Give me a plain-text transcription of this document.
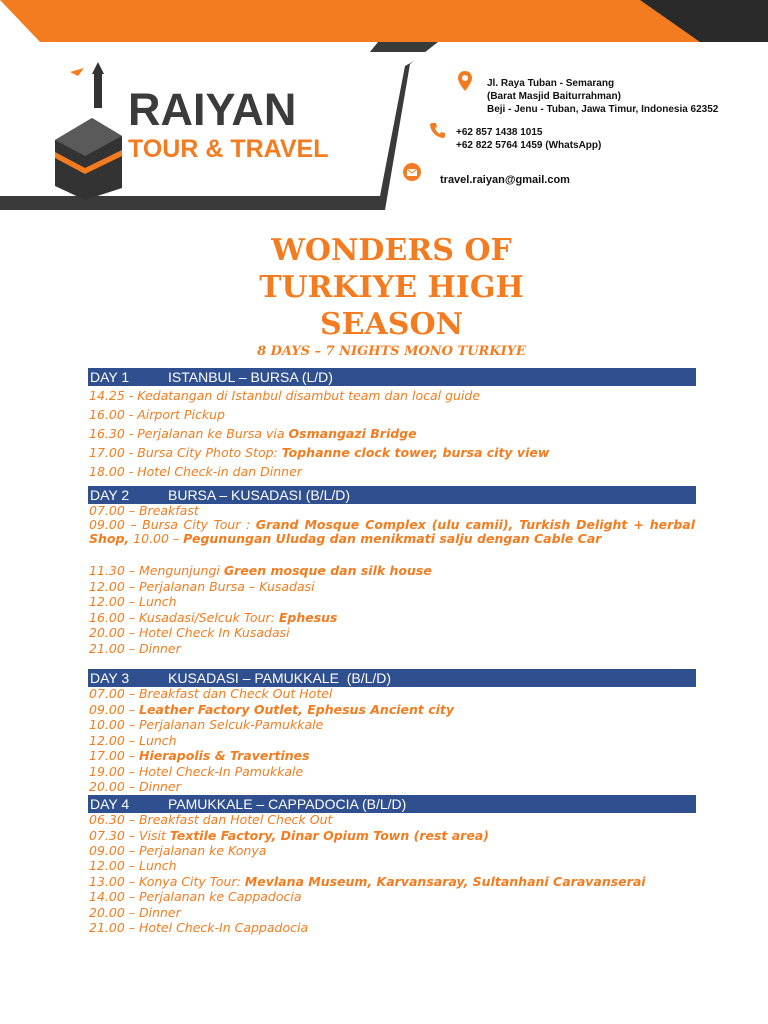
RAIYAN
TOUR & TRAVEL
Jl. Raya Tuban - Semarang
(Barat Masjid Baiturrahman)
Beji - Jenu - Tuban, Jawa Timur, Indonesia 62352
+62 857 1438 1015
+62 822 5764 1459 (WhatsApp)
travel.raiyan@gmail.com
WONDERS OF
TURKIYE HIGH
SEASON
8 DAYS – 7 NIGHTS MONO TURKIYE
DAY 1	ISTANBUL – BURSA (L/D)
14.25 - Kedatangan di Istanbul disambut team dan local guide
16.00 - Airport Pickup
16.30 - Perjalanan ke Bursa via Osmangazi Bridge
17.00 - Bursa City Photo Stop: Tophanne clock tower, bursa city view
18.00 - Hotel Check-in dan Dinner
DAY 2	BURSA – KUSADASI (B/L/D)
07.00 – Breakfast
09.00 – Bursa City Tour : Grand Mosque Complex (ulu camii), Turkish Delight + herbal Shop, 10.00 – Pegunungan Uludag dan menikmati salju dengan Cable Car
11.30 – Mengunjungi Green mosque dan silk house
12.00 – Perjalanan Bursa – Kusadasi
12.00 – Lunch
16.00 – Kusadasi/Selcuk Tour: Ephesus
20.00 – Hotel Check In Kusadasi
21.00 – Dinner
DAY 3	KUSADASI – PAMUKKALE  (B/L/D)
07.00 – Breakfast dan Check Out Hotel
09.00 – Leather Factory Outlet, Ephesus Ancient city
10.00 – Perjalanan Selcuk-Pamukkale
12.00 – Lunch
17.00 – Hierapolis & Travertines
19.00 – Hotel Check-In Pamukkale
20.00 – Dinner
DAY 4	PAMUKKALE – CAPPADOCIA (B/L/D)
06.30 – Breakfast dan Hotel Check Out
07.30 – Visit Textile Factory, Dinar Opium Town (rest area)
09.00 – Perjalanan ke Konya
12.00 – Lunch
13.00 – Konya City Tour: Mevlana Museum, Karvansaray, Sultanhani Caravanserai
14.00 – Perjalanan ke Cappadocia
20.00 – Dinner
21.00 – Hotel Check-In Cappadocia
